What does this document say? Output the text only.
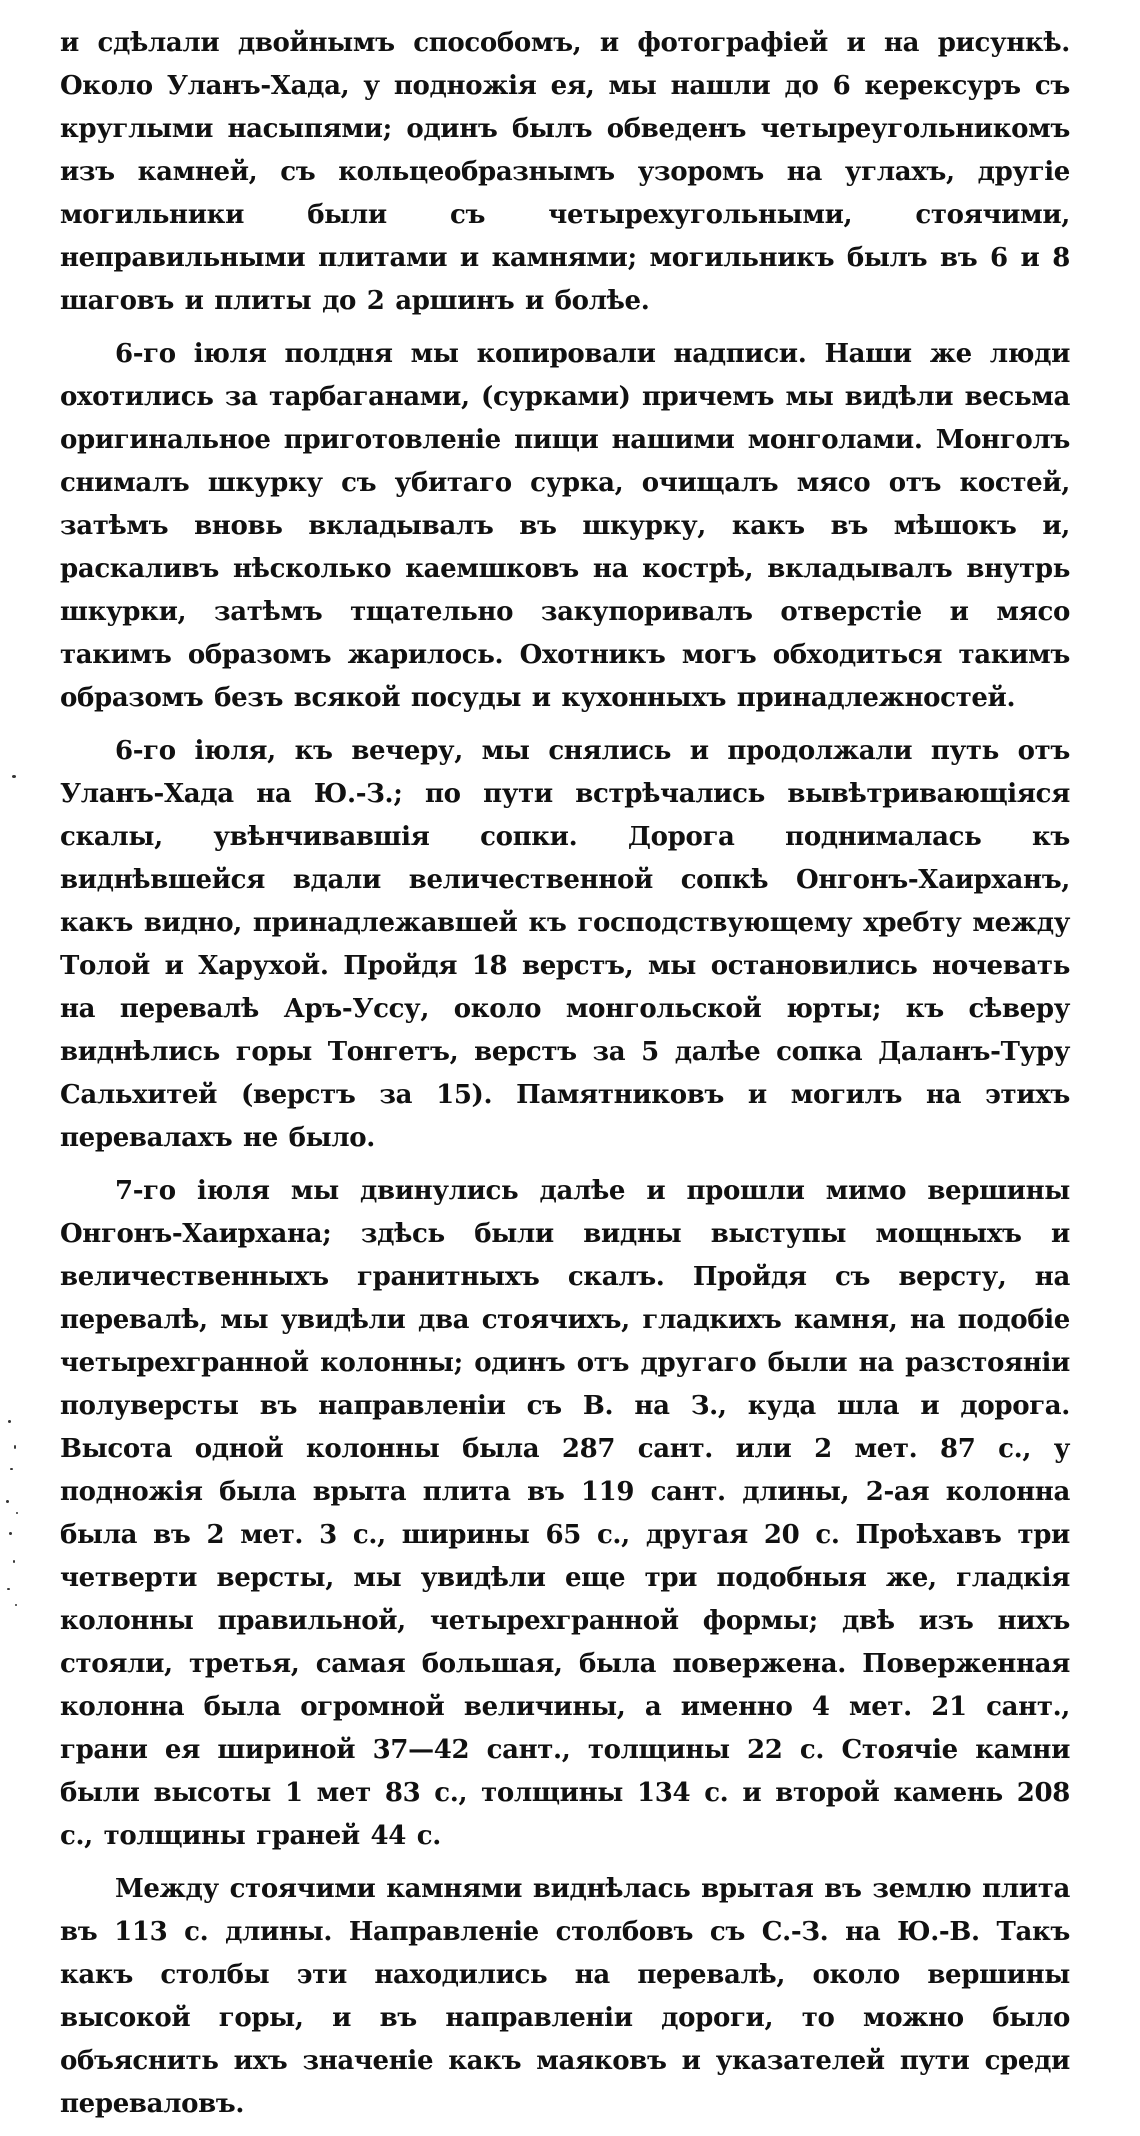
и сдѣлали двойнымъ способомъ, и фотографіей и на рисункѣ. Около Уланъ-Хада, у подножія ея, мы нашли до 6 керексуръ съ круглыми насыпями; одинъ былъ обведенъ четыреугольникомъ изъ камней, съ кольцеобразнымъ узоромъ на углахъ, другіе могильники были съ четырехугольными, стоячими, неправильными плитами и камнями; могильникъ былъ въ 6 и 8 шаговъ и плиты до 2 аршинъ и болѣе.

6-го іюля полдня мы копировали надписи. Наши же люди охотились за тарбаганами, (сурками) причемъ мы видѣли весьма оригинальное приготовленіе пищи нашими монголами. Монголъ снималъ шкурку съ убитаго сурка, очищалъ мясо отъ костей, затѣмъ вновь вкладывалъ въ шкурку, какъ въ мѣшокъ и, раскаливъ нѣсколько каемшковъ на кострѣ, вкладывалъ внутрь шкурки, затѣмъ тщательно закупоривалъ отверстіе и мясо такимъ образомъ жарилось. Охотникъ могъ обходиться такимъ образомъ безъ всякой посуды и кухонныхъ принадлежностей.

6-го іюля, къ вечеру, мы снялись и продолжали путь отъ Уланъ-Хада на Ю.-З.; по пути встрѣчались вывѣтривающіяся скалы, увѣнчивавшія сопки. Дорога поднималась къ виднѣвшейся вдали величественной сопкѣ Онгонъ-Хаирханъ, какъ видно, принадлежавшей къ господствующему хребту между Толой и Харухой. Пройдя 18 верстъ, мы остановились ночевать на перевалѣ Аръ-Уссу, около монгольской юрты; къ сѣверу виднѣлись горы Тонгетъ, верстъ за 5 далѣе сопка Даланъ-Туру Сальхитей (верстъ за 15). Памятниковъ и могилъ на этихъ перевалахъ не было.

7-го іюля мы двинулись далѣе и прошли мимо вершины Онгонъ-Хаирхана; здѣсь были видны выступы мощныхъ и величественныхъ гранитныхъ скалъ. Пройдя съ версту, на перевалѣ, мы увидѣли два стоячихъ, гладкихъ камня, на подобіе четырехгранной колонны; одинъ отъ другаго были на разстояніи полуверсты въ направленіи съ В. на З., куда шла и дорога. Высота одной колонны была 287 сант. или 2 мет. 87 с., у подножія была врыта плита въ 119 сант. длины, 2-ая колонна была въ 2 мет. 3 с., ширины 65 с., другая 20 с. Проѣхавъ три четверти версты, мы увидѣли еще три подобныя же, гладкія колонны правильной, четырехгранной формы; двѣ изъ нихъ стояли, третья, самая большая, была повержена. Поверженная колонна была огромной величины, а именно 4 мет. 21 сант., грани ея шириной 37—42 сант., толщины 22 с. Стоячіе камни были высоты 1 мет 83 с., толщины 134 с. и второй камень 208 с., толщины граней 44 с.

Между стоячими камнями виднѣлась врытая въ землю плита въ 113 с. длины. Направленіе столбовъ съ С.-З. на Ю.-В. Такъ какъ столбы эти находились на перевалѣ, около вершины высокой горы, и въ направленіи дороги, то можно было объяснить ихъ значеніе какъ маяковъ и указателей пути среди переваловъ.
